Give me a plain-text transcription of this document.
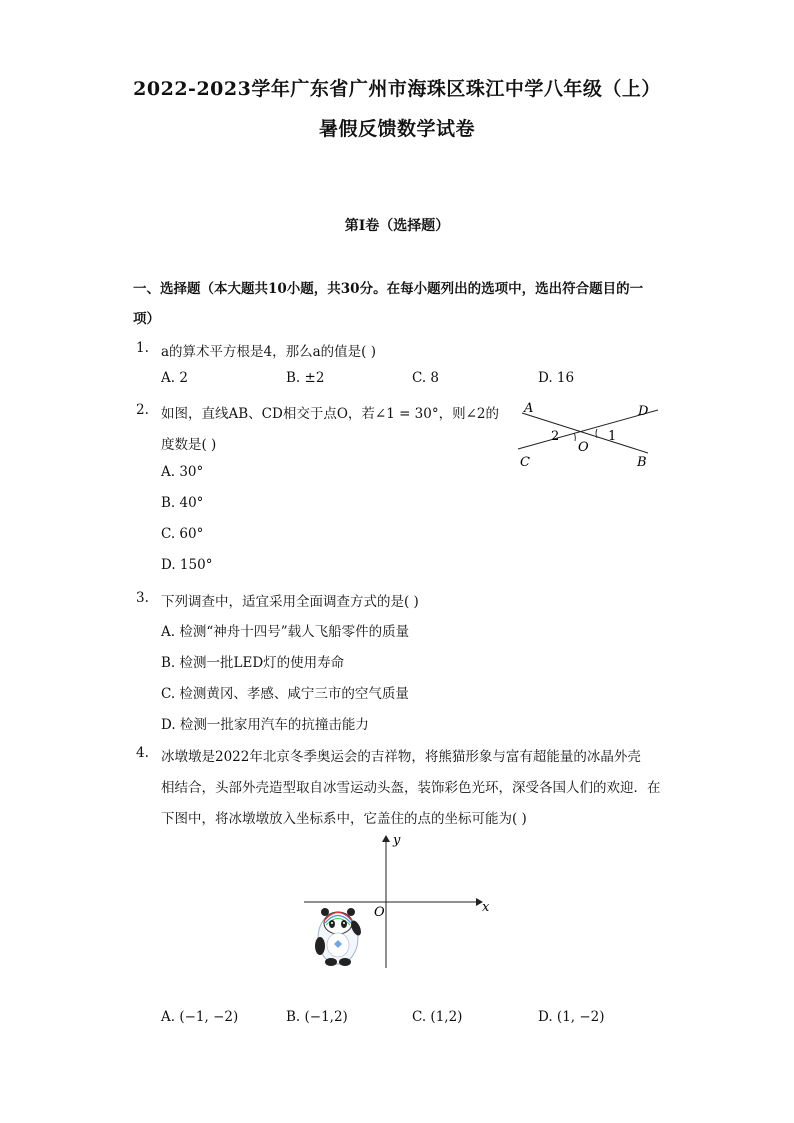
2022-2023学年广东省广州市海珠区珠江中学八年级（上）
暑假反馈数学试卷
第I卷（选择题）
一、选择题（本大题共10小题，共30分。在每小题列出的选项中，选出符合题目的一
项）
1. a的算术平方根是4，那么a的值是( )
A. 2	B. ±2	C. 8	D. 16
2. 如图，直线AB、CD相交于点O，若∠1 = 30°，则∠2的
度数是( )
A. 30°
B. 40°
C. 60°
D. 150°
A	D
C	B
O
2	1
3. 下列调查中，适宜采用全面调查方式的是( )
A. 检测“神舟十四号”载人飞船零件的质量
B. 检测一批LED灯的使用寿命
C. 检测黄冈、孝感、咸宁三市的空气质量
D. 检测一批家用汽车的抗撞击能力
4. 冰墩墩是2022年北京冬季奥运会的吉祥物，将熊猫形象与富有超能量的冰晶外壳
相结合，头部外壳造型取自冰雪运动头盔，装饰彩色光环，深受各国人们的欢迎．在
下图中，将冰墩墩放入坐标系中，它盖住的点的坐标可能为( )
x
y
O
A. (−1, −2)	B. (−1,2)	C. (1,2)	D. (1, −2)
